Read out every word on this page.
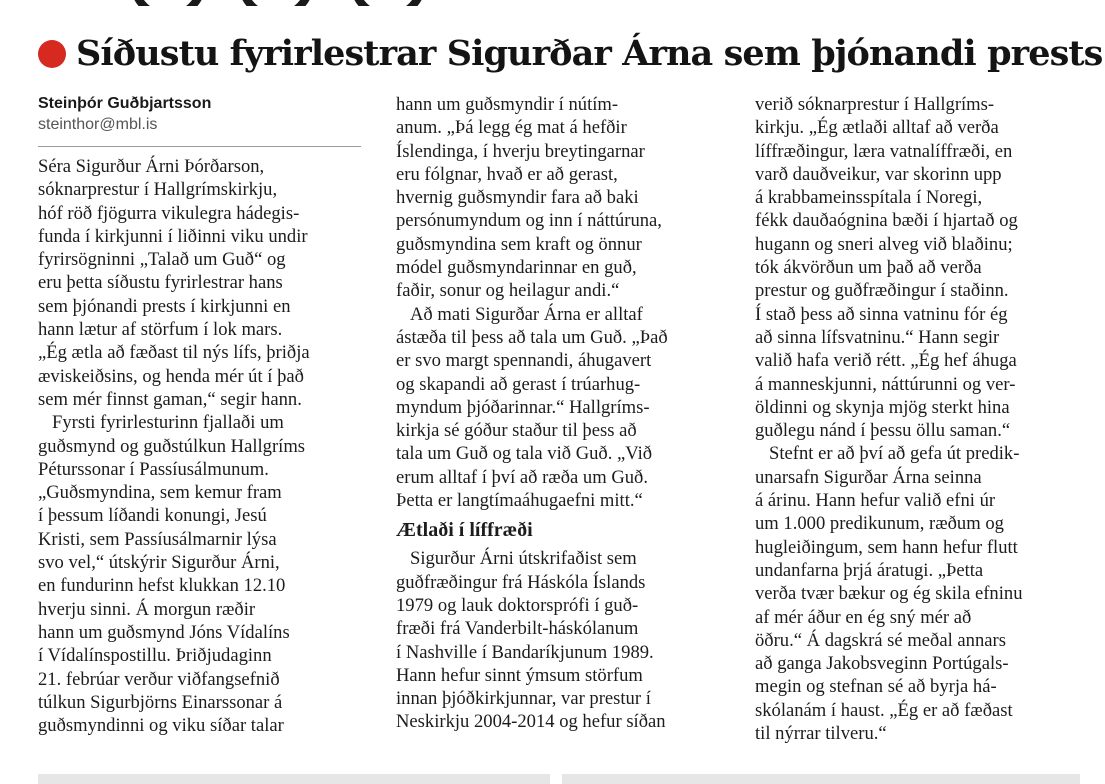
Síðustu fyrirlestrar Sigurðar Árna sem þjónandi prests
Steinþór Guðbjartsson
steinthor@mbl.is
Séra Sigurður Árni Þórðarson,
sóknarprestur í Hallgrímskirkju,
hóf röð fjögurra vikulegra hádegis-
funda í kirkjunni í liðinni viku undir
fyrirsögninni „Talað um Guð“ og
eru þetta síðustu fyrirlestrar hans
sem þjónandi prests í kirkjunni en
hann lætur af störfum í lok mars.
„Ég ætla að fæðast til nýs lífs, þriðja
æviskeiðsins, og henda mér út í það
sem mér finnst gaman,“ segir hann.
Fyrsti fyrirlesturinn fjallaði um
guðsmynd og guðstúlkun Hallgríms
Péturssonar í Passíusálmunum.
„Guðsmyndina, sem kemur fram
í þessum líðandi konungi, Jesú
Kristi, sem Passíusálmarnir lýsa
svo vel,“ útskýrir Sigurður Árni,
en fundurinn hefst klukkan 12.10
hverju sinni. Á morgun ræðir
hann um guðsmynd Jóns Vídalíns
í Vídalínspostillu. Þriðjudaginn
21. febrúar verður viðfangsefnið
túlkun Sigurbjörns Einarssonar á
guðsmyndinni og viku síðar talar
hann um guðsmyndir í nútím-
anum. „Þá legg ég mat á hefðir
Íslendinga, í hverju breytingarnar
eru fólgnar, hvað er að gerast,
hvernig guðsmyndir fara að baki
persónumyndum og inn í náttúruna,
guðsmyndina sem kraft og önnur
módel guðsmyndarinnar en guð,
faðir, sonur og heilagur andi.“
Að mati Sigurðar Árna er alltaf
ástæða til þess að tala um Guð. „Það
er svo margt spennandi, áhugavert
og skapandi að gerast í trúarhug-
myndum þjóðarinnar.“ Hallgríms-
kirkja sé góður staður til þess að
tala um Guð og tala við Guð. „Við
erum alltaf í því að ræða um Guð.
Þetta er langtímaáhugaefni mitt.“
Ætlaði í líffræði
Sigurður Árni útskrifaðist sem
guðfræðingur frá Háskóla Íslands
1979 og lauk doktorsprófi í guð-
fræði frá Vanderbilt-háskólanum
í Nashville í Bandaríkjunum 1989.
Hann hefur sinnt ýmsum störfum
innan þjóðkirkjunnar, var prestur í
Neskirkju 2004-2014 og hefur síðan
verið sóknarprestur í Hallgríms-
kirkju. „Ég ætlaði alltaf að verða
líffræðingur, læra vatnalíffræði, en
varð dauðveikur, var skorinn upp
á krabbameinsspítala í Noregi,
fékk dauðaógnina bæði í hjartað og
hugann og sneri alveg við blaðinu;
tók ákvörðun um það að verða
prestur og guðfræðingur í staðinn.
Í stað þess að sinna vatninu fór ég
að sinna lífsvatninu.“ Hann segir
valið hafa verið rétt. „Ég hef áhuga
á manneskjunni, náttúrunni og ver-
öldinni og skynja mjög sterkt hina
guðlegu nánd í þessu öllu saman.“
Stefnt er að því að gefa út predik-
unarsafn Sigurðar Árna seinna
á árinu. Hann hefur valið efni úr
um 1.000 predikunum, ræðum og
hugleiðingum, sem hann hefur flutt
undanfarna þrjá áratugi. „Þetta
verða tvær bækur og ég skila efninu
af mér áður en ég sný mér að
öðru.“ Á dagskrá sé meðal annars
að ganga Jakobsveginn Portúgals-
megin og stefnan sé að byrja há-
skólanám í haust. „Ég er að fæðast
til nýrrar tilveru.“
